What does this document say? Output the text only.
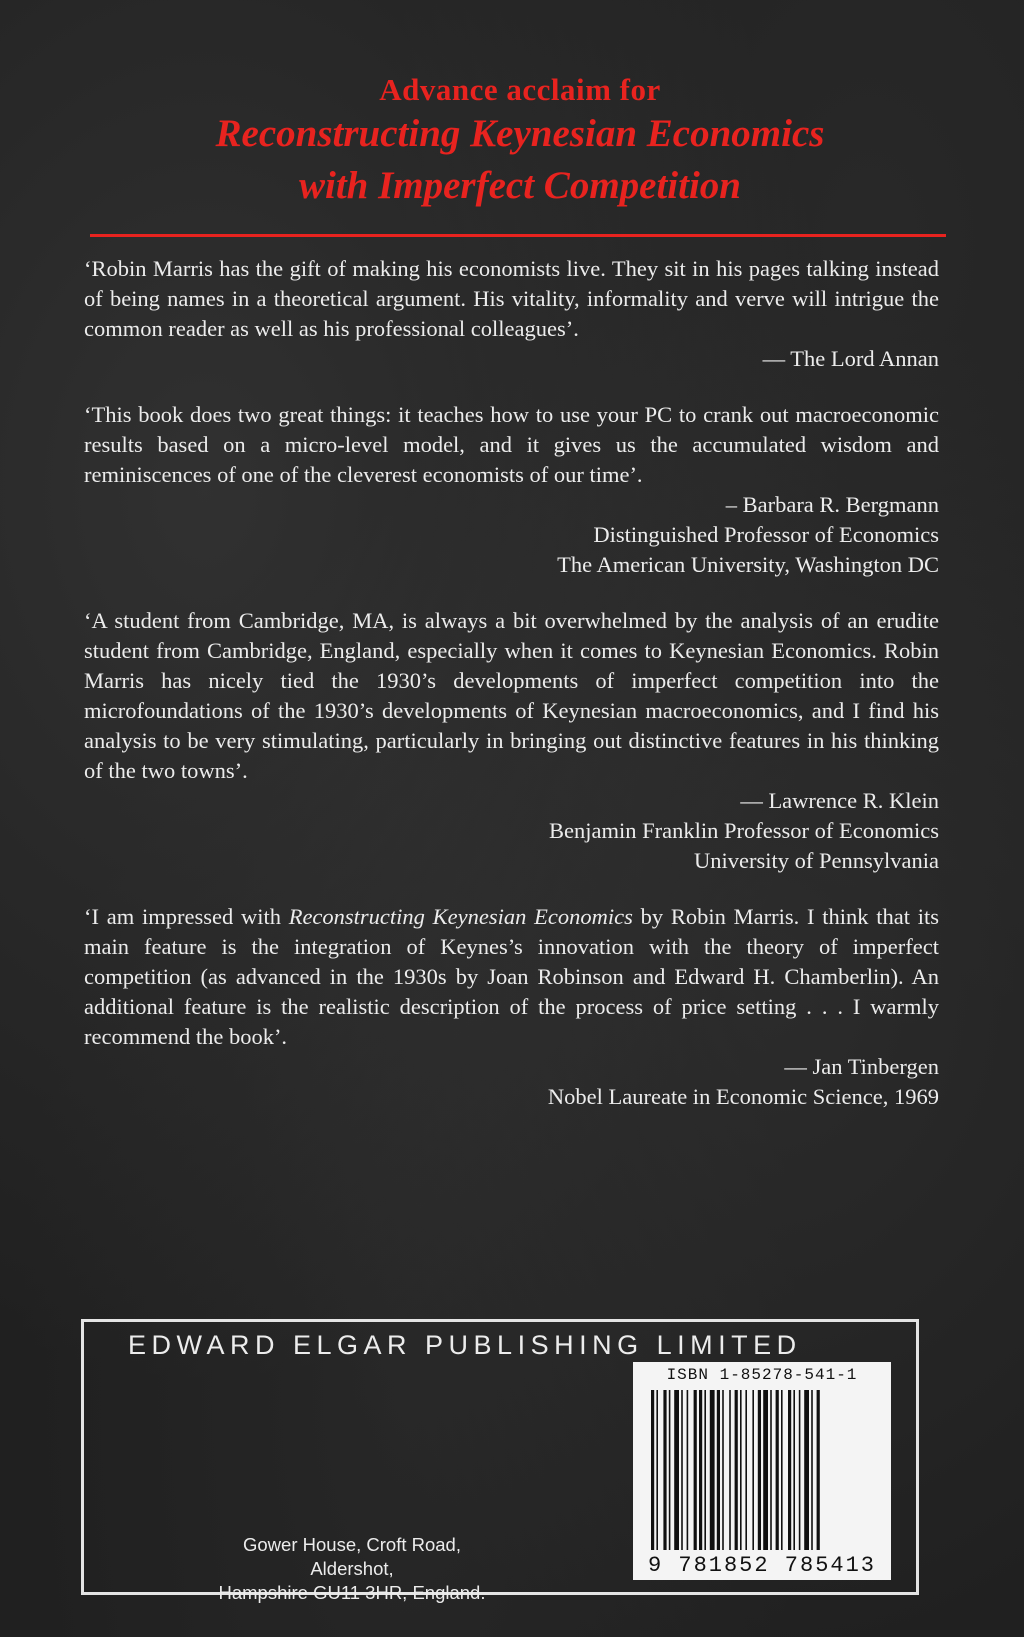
Advance acclaim for
Reconstructing Keynesian Economics
with Imperfect Competition

‘Robin Marris has the gift of making his economists live. They sit in his pages talking instead of being names in a theoretical argument. His vitality, informality and verve will intrigue the common reader as well as his professional colleagues’.

— The Lord Annan

‘This book does two great things: it teaches how to use your PC to crank out macroeconomic results based on a micro-level model, and it gives us the accumulated wisdom and reminiscences of one of the cleverest economists of our time’.

– Barbara R. Bergmann
Distinguished Professor of Economics
The American University, Washington DC

‘A student from Cambridge, MA, is always a bit overwhelmed by the analysis of an erudite student from Cambridge, England, especially when it comes to Keynesian Economics. Robin Marris has nicely tied the 1930’s developments of imperfect competition into the microfoundations of the 1930’s developments of Keynesian macroeconomics, and I find his analysis to be very stimulating, particularly in bringing out distinctive features in his thinking of the two towns’.

— Lawrence R. Klein
Benjamin Franklin Professor of Economics
University of Pennsylvania

‘I am impressed with Reconstructing Keynesian Economics by Robin Marris. I think that its main feature is the integration of Keynes’s innovation with the theory of imperfect competition (as advanced in the 1930s by Joan Robinson and Edward H. Chamberlin). An additional feature is the realistic description of the process of price setting . . . I warmly recommend the book’.

— Jan Tinbergen
Nobel Laureate in Economic Science, 1969
EDWARD ELGAR PUBLISHING LIMITED
Gower House, Croft Road, Aldershot,
Hampshire GU11 3HR, England.
ISBN 1-85278-541-1
9 781852 785413
